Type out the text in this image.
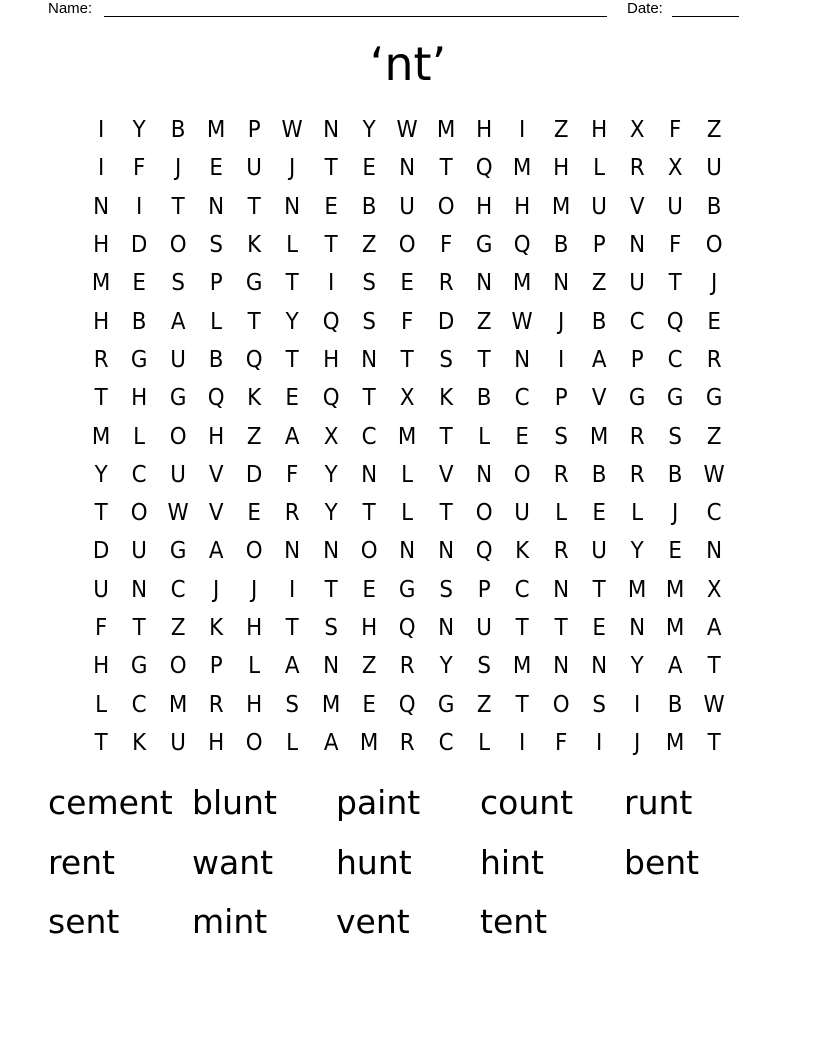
Name:	Date:
‘nt’
I	Y	B M P W N	Y W M H	I	Z H X	F	Z
I	F	J	E	U	J	T	E	N	T	Q M H	L	R	X	U
N	I	T	N	T	N	E	B	U O H H M U	V	U	B
H D O	S	K	L	T	Z O	F	G Q B	P	N	F	O
M E	S	P	G	T	I	S	E	R N M N Z	U	T	J
H B	A	L	T	Y	Q	S	F	D Z W	J	B	C Q	E
R G U	B Q	T	H N	T	S	T	N	I	A	P	C	R
T	H G Q K	E	Q	T	X	K	B	C	P	V G G G
M	L	O H Z	A	X	C M T	L	E	S M R	S	Z
Y	C U	V D	F	Y	N	L	V N O R	B	R	B W
T	O W V	E	R	Y	T	L	T	O U	L	E	L	J	C
D U G A O N N O N N Q K	R	U	Y	E	N
U N C	J	J	I	T	E	G	S	P	C N	T M M X
F	T	Z	K	H	T	S	H Q N U	T	T	E	N M A
H G O	P	L	A N Z	R	Y	S M N N	Y	A	T
L	C M R H	S M E	Q G Z	T	O	S	I	B W
T	K	U H O	L	A M R	C	L	I	F	I	J	M T
cement blunt	paint	count	runt
rent	want	hunt	hint	bent
sent	mint	vent	tent
